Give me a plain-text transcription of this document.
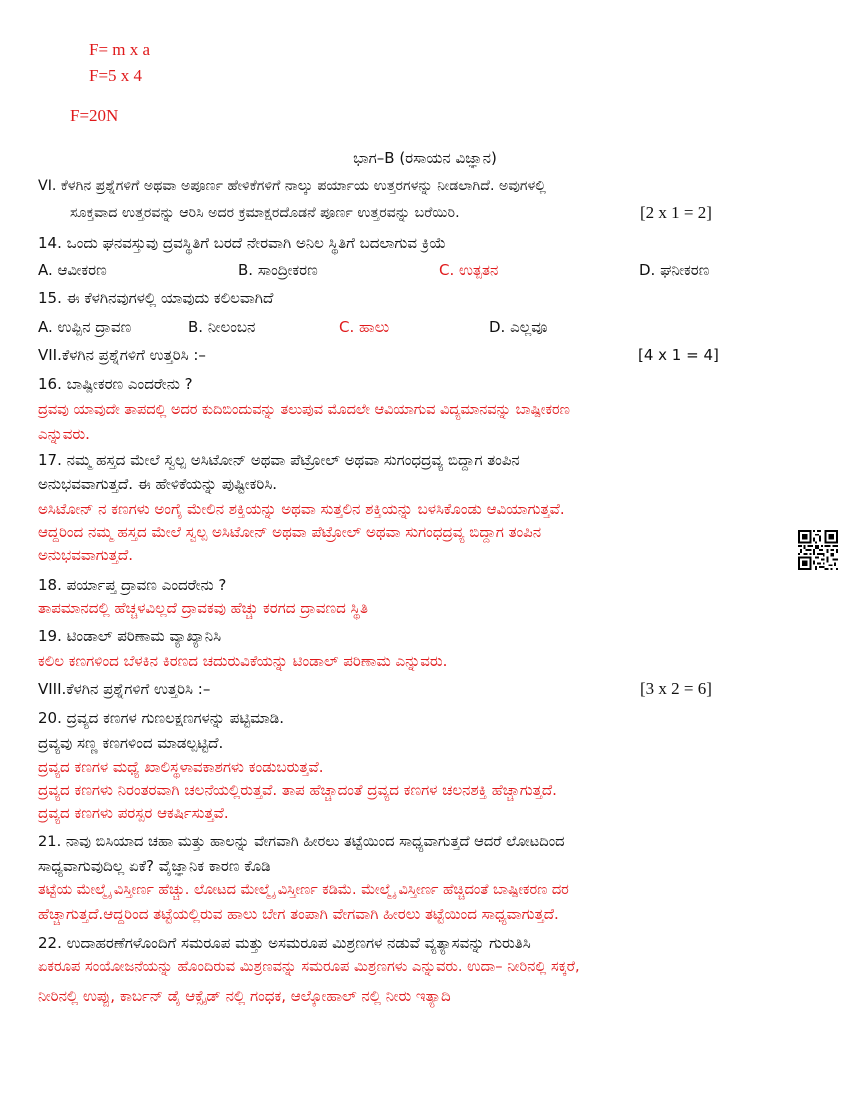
F= m x a
F=5 x 4
F=20N
ಭಾಗ–B (ರಸಾಯನ ವಿಜ್ಞಾನ)
VI. ಕೆಳಗಿನ ಪ್ರಶ್ನೆಗಳಿಗೆ ಅಥವಾ ಅಪೂರ್ಣ ಹೇಳಿಕೆಗಳಿಗೆ ನಾಲ್ಕು ಪರ್ಯಾಯ ಉತ್ತರಗಳನ್ನು ನೀಡಲಾಗಿದೆ. ಅವುಗಳಲ್ಲಿ
ಸೂಕ್ತವಾದ ಉತ್ತರವನ್ನು ಆರಿಸಿ ಅದರ ಕ್ರಮಾಕ್ಷರದೊಡನೆ ಪೂರ್ಣ ಉತ್ತರವನ್ನು ಬರೆಯಿರಿ.	[2 x 1 = 2]
14. ಒಂದು ಘನವಸ್ತುವು ದ್ರವಸ್ಥಿತಿಗೆ ಬರದೆ ನೇರವಾಗಿ ಅನಿಲ ಸ್ಥಿತಿಗೆ ಬದಲಾಗುವ ಕ್ರಿಯೆ
A. ಆವೀಕರಣ	B. ಸಾಂದ್ರೀಕರಣ	C. ಉತ್ಪತನ	D. ಘನೀಕರಣ
15. ಈ ಕೆಳಗಿನವುಗಳಲ್ಲಿ ಯಾವುದು ಕಲಿಲವಾಗಿದೆ
A. ಉಪ್ಪಿನ ದ್ರಾವಣ	B. ನೀಲಂಬನ	C. ಹಾಲು	D. ಎಲ್ಲವೂ
VII.ಕೆಳಗಿನ ಪ್ರಶ್ನೆಗಳಿಗೆ ಉತ್ತರಿಸಿ :–	[4 x 1 = 4]
16. ಬಾಷ್ಪೀಕರಣ ಎಂದರೇನು ?
ದ್ರವವು ಯಾವುದೇ ತಾಪದಲ್ಲಿ ಅದರ ಕುದಿಬಿಂದುವನ್ನು ತಲುಪುವ ಮೊದಲೇ ಆವಿಯಾಗುವ ವಿದ್ಯಮಾನವನ್ನು ಬಾಷ್ಪೀಕರಣ
ಎನ್ನುವರು.
17. ನಮ್ಮ ಹಸ್ತದ ಮೇಲೆ ಸ್ವಲ್ಪ ಅಸಿಟೋನ್ ಅಥವಾ ಪೆಟ್ರೋಲ್ ಅಥವಾ ಸುಗಂಧದ್ರವ್ಯ ಬಿದ್ದಾಗ ತಂಪಿನ
ಅನುಭವವಾಗುತ್ತದೆ. ಈ ಹೇಳಿಕೆಯನ್ನು ಪುಷ್ಟೀಕರಿಸಿ.
ಅಸಿಟೋನ್ ನ ಕಣಗಳು ಅಂಗೈ ಮೇಲಿನ ಶಕ್ತಿಯನ್ನು ಅಥವಾ ಸುತ್ತಲಿನ ಶಕ್ತಿಯನ್ನು ಬಳಸಿಕೊಂಡು ಆವಿಯಾಗುತ್ತವೆ.
ಆದ್ದರಿಂದ ನಮ್ಮ ಹಸ್ತದ ಮೇಲೆ ಸ್ವಲ್ಪ ಅಸಿಟೋನ್ ಅಥವಾ ಪೆಟ್ರೋಲ್ ಅಥವಾ ಸುಗಂಧದ್ರವ್ಯ ಬಿದ್ದಾಗ ತಂಪಿನ
ಅನುಭವವಾಗುತ್ತದೆ.
18. ಪರ್ಯಾಪ್ತ ದ್ರಾವಣ ಎಂದರೇನು ?
ತಾಪಮಾನದಲ್ಲಿ ಹೆಚ್ಚಳವಿಲ್ಲದೆ ದ್ರಾವಕವು ಹೆಚ್ಚು ಕರಗದ ದ್ರಾವಣದ ಸ್ಥಿತಿ
19. ಟಿಂಡಾಲ್ ಪರಿಣಾಮ ವ್ಯಾಖ್ಯಾನಿಸಿ
ಕಲಿಲ ಕಣಗಳಿಂದ ಬೆಳಕಿನ ಕಿರಣದ ಚದುರುವಿಕೆಯನ್ನು ಟಿಂಡಾಲ್ ಪರಿಣಾಮ ಎನ್ನುವರು.
VIII.ಕೆಳಗಿನ ಪ್ರಶ್ನೆಗಳಿಗೆ ಉತ್ತರಿಸಿ :–	[3 x 2 = 6]
20. ದ್ರವ್ಯದ ಕಣಗಳ ಗುಣಲಕ್ಷಣಗಳನ್ನು ಪಟ್ಟಿಮಾಡಿ.
ದ್ರವ್ಯವು ಸಣ್ಣ ಕಣಗಳಿಂದ ಮಾಡಲ್ಪಟ್ಟಿದೆ.
ದ್ರವ್ಯದ ಕಣಗಳ ಮಧ್ಯೆ ಖಾಲಿಸ್ಥಳಾವಕಾಶಗಳು ಕಂಡುಬರುತ್ತವೆ.
ದ್ರವ್ಯದ ಕಣಗಳು ನಿರಂತರವಾಗಿ ಚಲನೆಯಲ್ಲಿರುತ್ತವೆ. ತಾಪ ಹೆಚ್ಚಾದಂತೆ ದ್ರವ್ಯದ ಕಣಗಳ ಚಲನಶಕ್ತಿ ಹೆಚ್ಚಾಗುತ್ತದೆ.
ದ್ರವ್ಯದ ಕಣಗಳು ಪರಸ್ಪರ ಆಕರ್ಷಿಸುತ್ತವೆ.
21. ನಾವು ಬಿಸಿಯಾದ ಚಹಾ ಮತ್ತು ಹಾಲನ್ನು ವೇಗವಾಗಿ ಹೀರಲು ತಟ್ಟೆಯಿಂದ ಸಾಧ್ಯವಾಗುತ್ತದೆ ಆದರೆ ಲೋಟದಿಂದ
ಸಾಧ್ಯವಾಗುವುದಿಲ್ಲ ಏಕೆ? ವೈಜ್ಞಾನಿಕ ಕಾರಣ ಕೊಡಿ
ತಟ್ಟೆಯ ಮೇಲ್ಮೈ ವಿಸ್ತೀರ್ಣ ಹೆಚ್ಚು. ಲೋಟದ ಮೇಲ್ಮೈ ವಿಸ್ತೀರ್ಣ ಕಡಿಮೆ. ಮೇಲ್ಮೈ ವಿಸ್ತೀರ್ಣ ಹೆಚ್ಚಿದಂತೆ ಬಾಷ್ಪೀಕರಣ ದರ
ಹೆಚ್ಚಾಗುತ್ತದೆ.ಆದ್ದರಿಂದ ತಟ್ಟೆಯಲ್ಲಿರುವ ಹಾಲು ಬೇಗ ತಂಪಾಗಿ ವೇಗವಾಗಿ ಹೀರಲು ತಟ್ಟೆಯಿಂದ ಸಾಧ್ಯವಾಗುತ್ತದೆ.
22. ಉದಾಹರಣೆಗಳೊಂದಿಗೆ ಸಮರೂಪ ಮತ್ತು ಅಸಮರೂಪ ಮಿಶ್ರಣಗಳ ನಡುವೆ ವ್ಯತ್ಯಾಸವನ್ನು ಗುರುತಿಸಿ
ಏಕರೂಪ ಸಂಯೋಜನೆಯನ್ನು ಹೊಂದಿರುವ ಮಿಶ್ರಣವನ್ನು ಸಮರೂಪ ಮಿಶ್ರಣಗಳು ಎನ್ನುವರು. ಉದಾ– ನೀರಿನಲ್ಲಿ ಸಕ್ಕರೆ,
ನೀರಿನಲ್ಲಿ ಉಪ್ಪು, ಕಾರ್ಬನ್ ಡೈ ಆಕ್ಸೈಡ್ ನಲ್ಲಿ ಗಂಧಕ, ಆಲ್ಕೋಹಾಲ್ ನಲ್ಲಿ ನೀರು ಇತ್ಯಾದಿ
